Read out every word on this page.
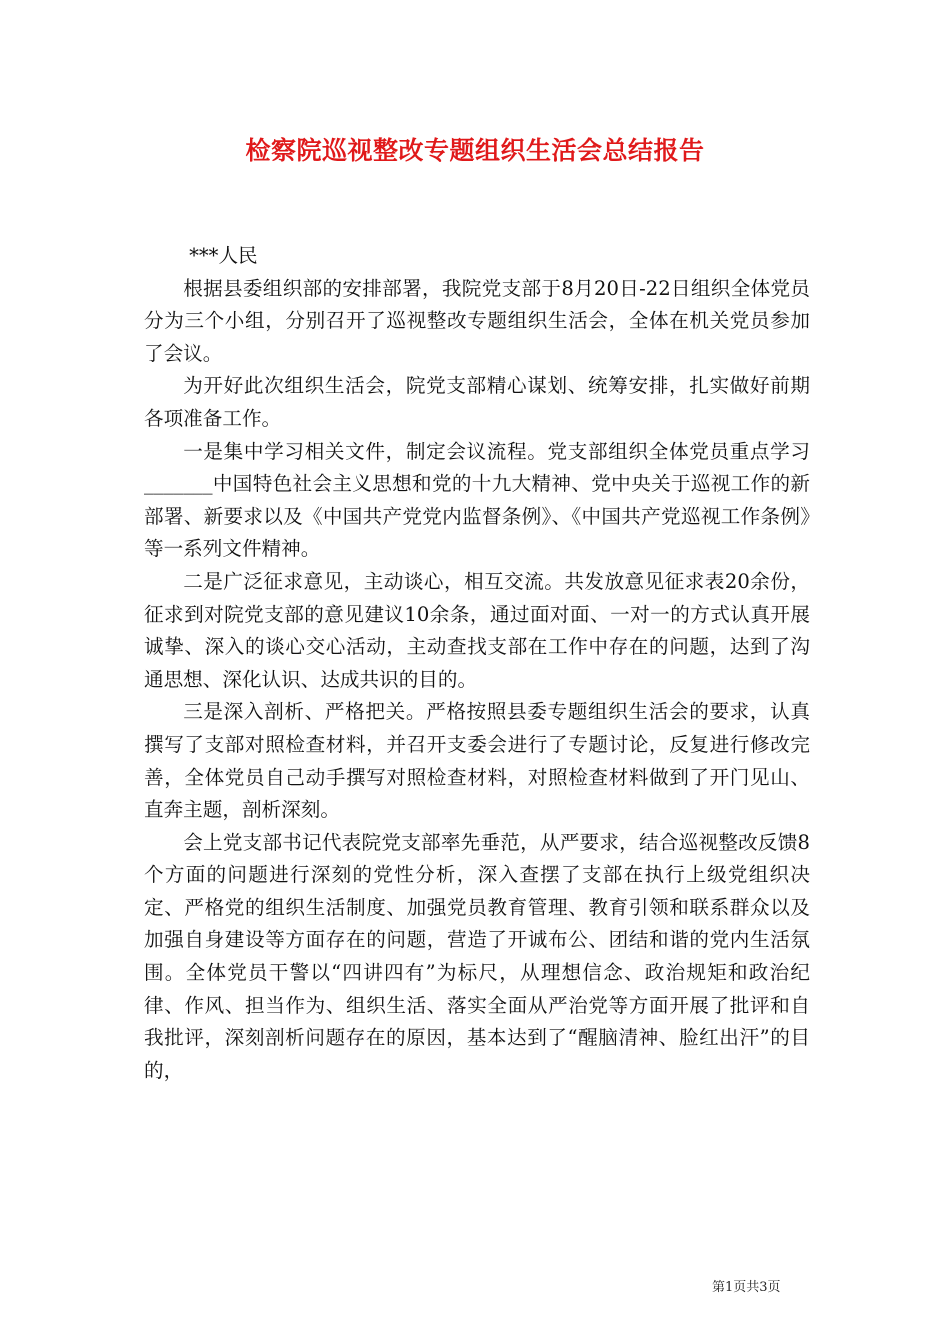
检察院巡视整改专题组织生活会总结报告

***人民

根据县委组织部的安排部署，我院党支部于8月20日-22日组织全体党员分为三个小组，分别召开了巡视整改专题组织生活会，全体在机关党员参加了会议。

为开好此次组织生活会，院党支部精心谋划、统筹安排，扎实做好前期各项准备工作。

一是集中学习相关文件，制定会议流程。党支部组织全体党员重点学习_______中国特色社会主义思想和党的十九大精神、党中央关于巡视工作的新部署、新要求以及《中国共产党党内监督条例》、《中国共产党巡视工作条例》等一系列文件精神。

二是广泛征求意见，主动谈心，相互交流。共发放意见征求表20余份，征求到对院党支部的意见建议10余条，通过面对面、一对一的方式认真开展诚挚、深入的谈心交心活动，主动查找支部在工作中存在的问题，达到了沟通思想、深化认识、达成共识的目的。

三是深入剖析、严格把关。严格按照县委专题组织生活会的要求，认真撰写了支部对照检查材料，并召开支委会进行了专题讨论，反复进行修改完善，全体党员自己动手撰写对照检查材料，对照检查材料做到了开门见山、直奔主题，剖析深刻。

会上党支部书记代表院党支部率先垂范，从严要求，结合巡视整改反馈8个方面的问题进行深刻的党性分析，深入查摆了支部在执行上级党组织决定、严格党的组织生活制度、加强党员教育管理、教育引领和联系群众以及加强自身建设等方面存在的问题，营造了开诚布公、团结和谐的党内生活氛围。全体党员干警以“四讲四有”为标尺，从理想信念、政治规矩和政治纪律、作风、担当作为、组织生活、落实全面从严治党等方面开展了批评和自我批评，深刻剖析问题存在的原因，基本达到了“醒脑清神、脸红出汗”的目的，

第1页共3页
